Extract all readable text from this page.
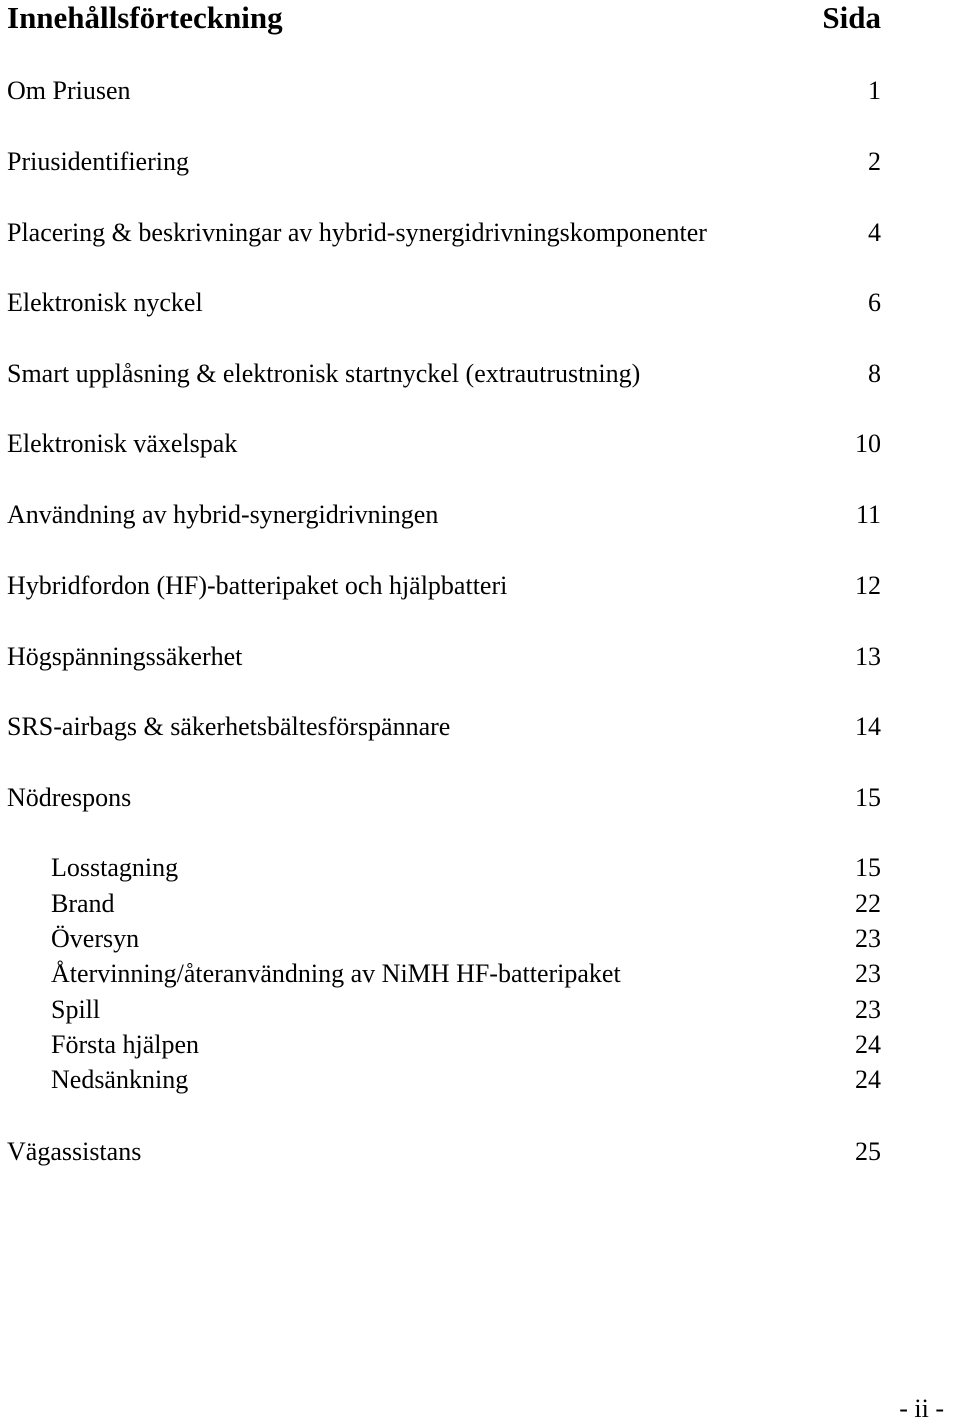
Innehållsförteckning	Sida
Om Priusen	1
Priusidentifiering	2
Placering & beskrivningar av hybrid-synergidrivningskomponenter	4
Elektronisk nyckel	6
Smart upplåsning & elektronisk startnyckel (extrautrustning)	8
Elektronisk växelspak	10
Användning av hybrid-synergidrivningen	11
Hybridfordon (HF)-batteripaket och hjälpbatteri	12
Högspänningssäkerhet	13
SRS-airbags & säkerhetsbältesförspännare	14
Nödrespons	15
Losstagning	15
Brand	22
Översyn	23
Återvinning/återanvändning av NiMH HF-batteripaket	23
Spill	23
Första hjälpen	24
Nedsänkning	24
Vägassistans	25
- ii -
